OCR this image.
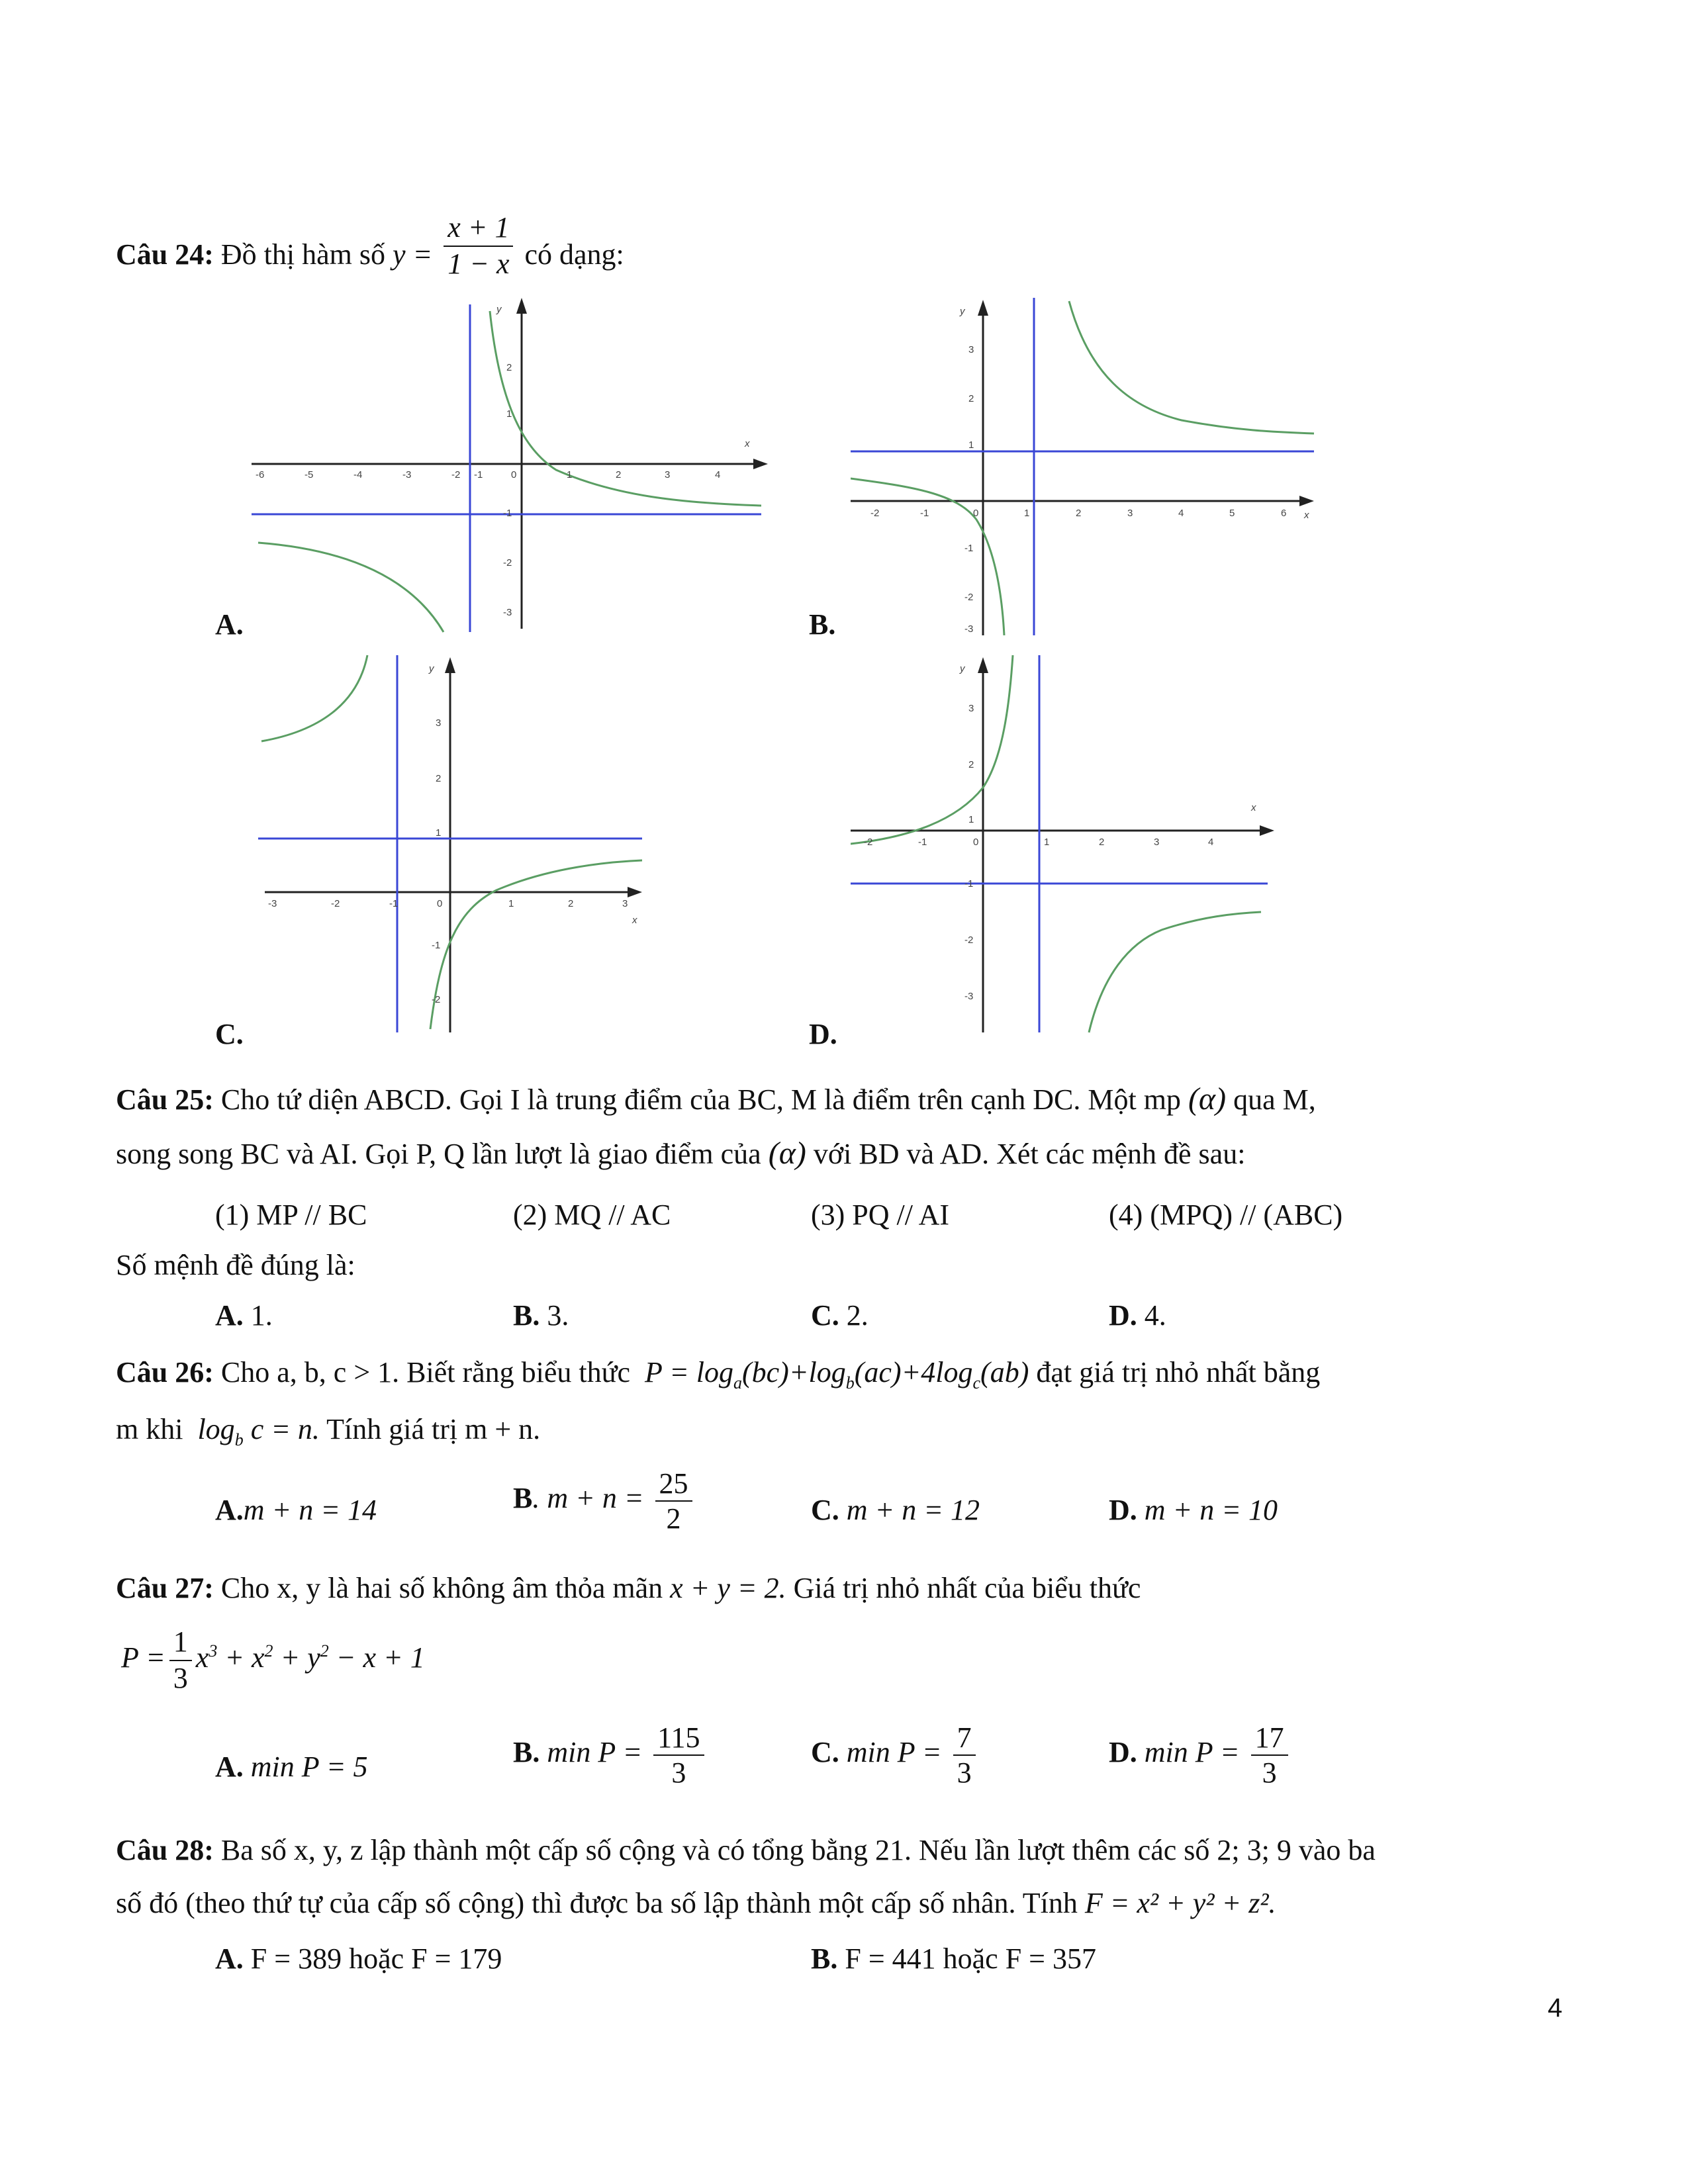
Câu 24: Đồ thị hàm số $y = \frac{x + 1}{1 - x}$ có dạng:
A.
-6	-5	-4	-3	-2 -1	0	1	2	3	4
2
1
-1
-2
-3
x
y
B.
-2	-1	0	1	2	3	4	5	6
3
2
1
-1
-2
-3
x
y
C.
-3	-2	-1	0	1	2	3
3
2
1
-1
-2
x
y
D.
-2	-1	0	1	2	3	4
3
2
1
-1
-2
-3
x
y
Câu 25: Cho tứ diện ABCD. Gọi I là trung điểm của BC, M là điểm trên cạnh DC. Một mp (α) qua M,
song song BC và AI. Gọi P, Q lần lượt là giao điểm của (α) với BD và AD. Xét các mệnh đề sau:
(1) MP // BC	(2) MQ // AC	(3) PQ // AI	(4) (MPQ) // (ABC)
Số mệnh đề đúng là:
A. 1.	B. 3.	C. 2.	D. 4.
Câu 26: Cho a, b, c > 1. Biết rằng biểu thức $P = \log_a(bc)+\log_b(ac)+4\log_c(ab)$ đạt giá trị nhỏ nhất bằng
m khi $\log_b c = n$. Tính giá trị m + n.
A.m + n = 14	B. $m + n = \frac{25}{2}$	C. m + n = 12	D. m + n = 10
Câu 27: Cho x, y là hai số không âm thỏa mãn x + y = 2. Giá trị nhỏ nhất của biểu thức
$P = \frac{1}{3} x^3 + x^2 + y^2 - x + 1$
A. min P = 5	B. $\min P = \frac{115}{3}$	C. $\min P = \frac{7}{3}$	D. $\min P = \frac{17}{3}$
Câu 28: Ba số x, y, z lập thành một cấp số cộng và có tổng bằng 21. Nếu lần lượt thêm các số 2; 3; 9 vào ba
số đó (theo thứ tự của cấp số cộng) thì được ba số lập thành một cấp số nhân. Tính F = x² + y² + z².
A. F = 389 hoặc F = 179	B. F = 441 hoặc F = 357
4
